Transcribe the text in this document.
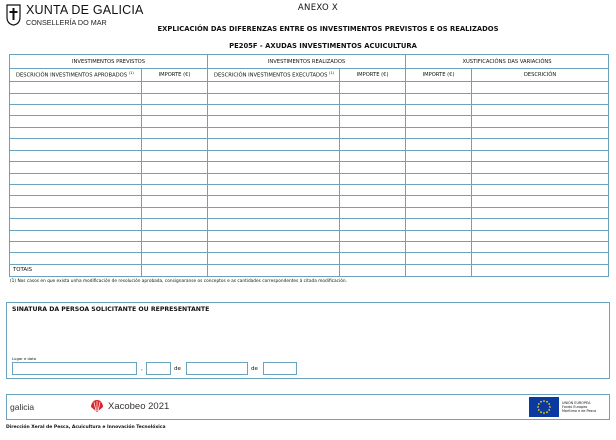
XUNTA DE GALICIA
CONSELLERÍA DO MAR
ANEXO X
EXPLICACIÓN DAS DIFERENZAS ENTRE OS INVESTIMENTOS PREVISTOS E OS REALIZADOS
PE205F - AXUDAS INVESTIMENTOS ACUICULTURA
INVESTIMENTOS PREVISTOS		INVESTIMENTOS REALIZADOS		XUSTIFICACIÓNS DAS VARIACIÓNS	
DESCRICIÓN INVESTIMENTOS APROBADOS $^{(1)}$	IMPORTE (€)	DESCRICIÓN INVESTIMENTOS EXECUTADOS $^{(1)}$	IMPORTE (€)	IMPORTE (€)	DESCRICIÓN

TOTAIS					
(1) Nos casos en que exista unha modificación de resolución aprobada, consignaranse os conceptos e as cantidades correspondentes á citada modificación.
SINATURA DA PERSOA SOLICITANTE OU REPRESENTANTE
Lugar e data
,	de	de
galicia	Xacobeo 2021	UNIÓN EUROPEA
Fondo Europeo
Marítimo e de Pesca
Dirección Xeral de Pesca, Acuicultura e Innovación Tecnolóxica
